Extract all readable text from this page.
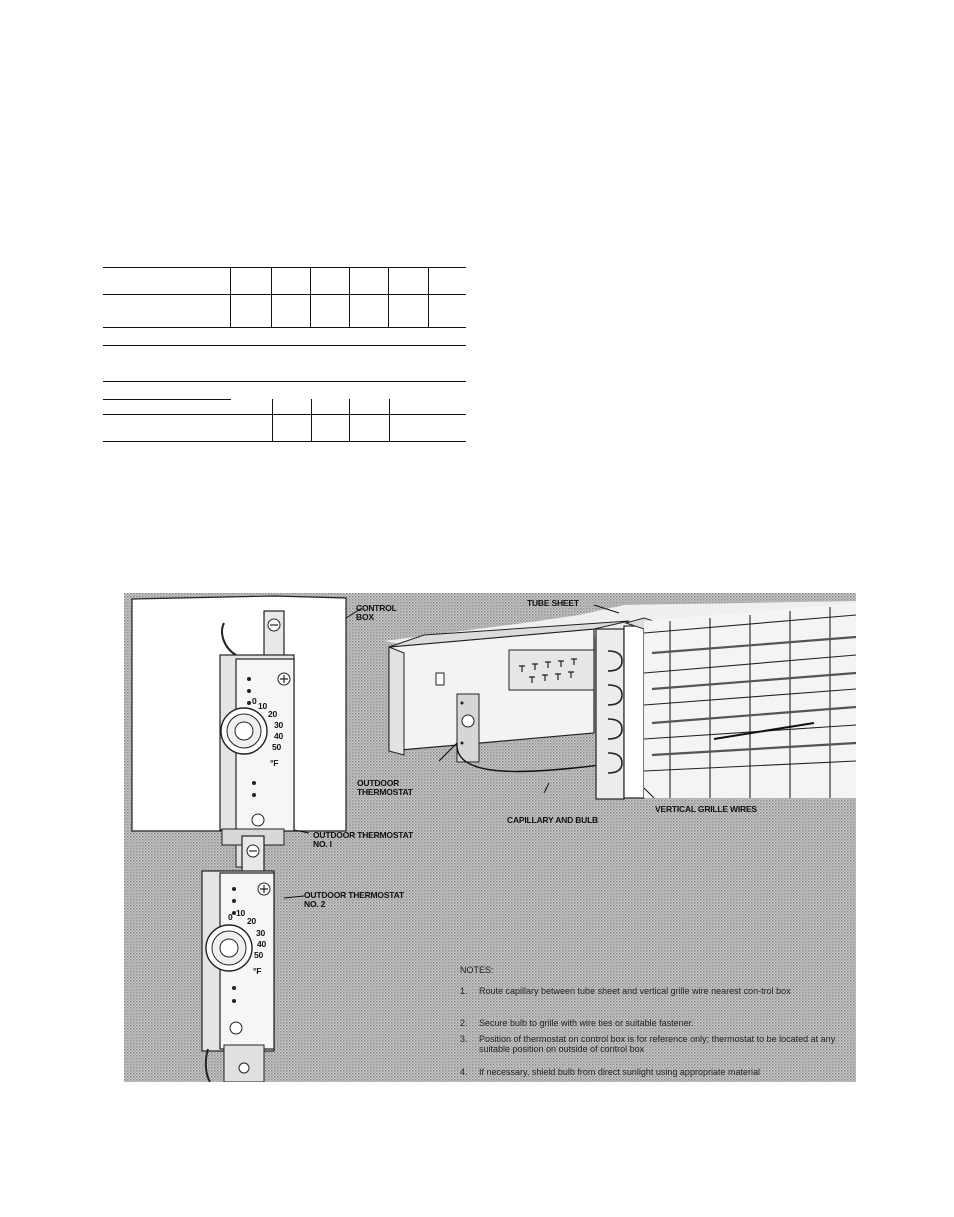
0 10
20
30
40
50
°F
0 10
20
30
40
50
°F
CONTROL
BOX
TUBE SHEET
OUTDOOR
THERMOSTAT
CAPILLARY AND BULB
VERTICAL GRILLE WIRES
OUTDOOR THERMOSTAT
NO. I
OUTDOOR THERMOSTAT
NO. 2
NOTES:
1. Route capillary between tube sheet and vertical grille wire nearest con-trol box
2. Secure bulb to grille with wire ties or suitable fastener.
3. Position of thermostat on control box is for reference only; thermostat to be located at any suitable position on outside of control box
4. If necessary, shield bulb from direct sunlight using appropriate material
